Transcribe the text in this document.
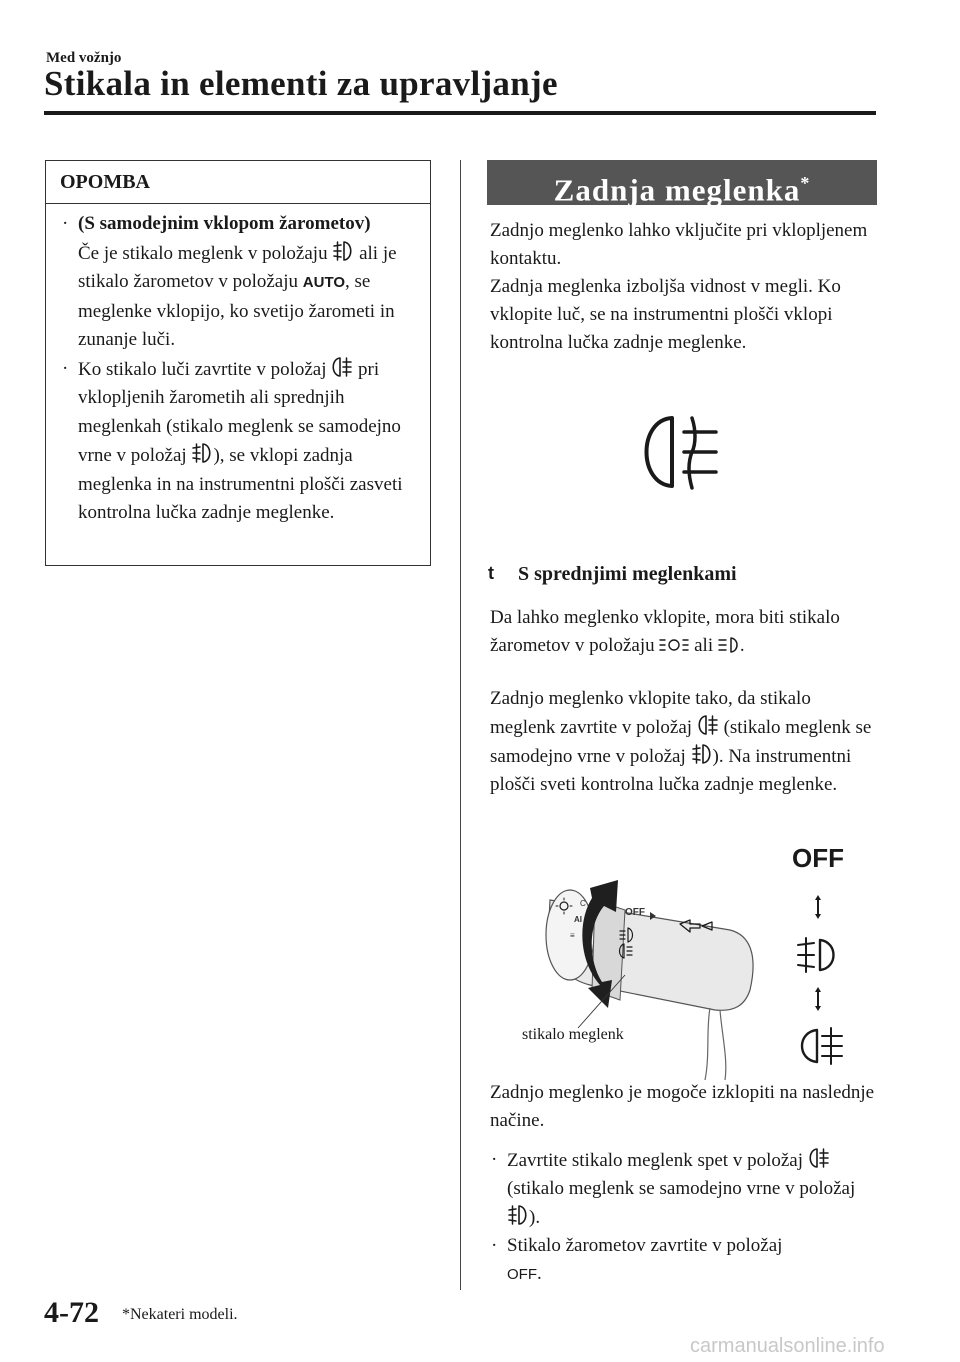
Med vožnjo
Stikala in elementi za upravljanje
OPOMBA
· (S samodejnim vklopom žarometov)
Če je stikalo meglenk v položaju ali je stikalo žarometov v položaju AUTO, se meglenke vklopijo, ko svetijo žarometi in zunanje luči.
· Ko stikalo luči zavrtite v položaj pri vklopljenih žarometih ali sprednjih meglenkah (stikalo meglenk se samodejno vrne v položaj ), se vklopi zadnja meglenka in na instrumentni plošči zasveti kontrolna lučka zadnje meglenke.
Zadnja meglenka*
Zadnjo meglenko lahko vključite pri vklopljenem kontaktu.
Zadnja meglenka izboljša vidnost v megli. Ko vklopite luč, se na instrumentni plošči vklopi kontrolna lučka zadnje meglenke.
t S sprednjimi meglenkami
Da lahko meglenko vklopite, mora biti stikalo žarometov v položaju ali .
Zadnjo meglenko vklopite tako, da stikalo meglenk zavrtite v položaj (stikalo meglenk se samodejno vrne v položaj ). Na instrumentni plošči sveti kontrolna lučka zadnje meglenke.
OFF
C
AI
≡
OFF
stikalo meglenk
Zadnjo meglenko je mogoče izklopiti na naslednje načine.
· Zavrtite stikalo meglenk spet v položaj
(stikalo meglenk se samodejno vrne v položaj
).
· Stikalo žarometov zavrtite v položaj
OFF.
4-72 *Nekateri modeli.
carmanualsonline.info
